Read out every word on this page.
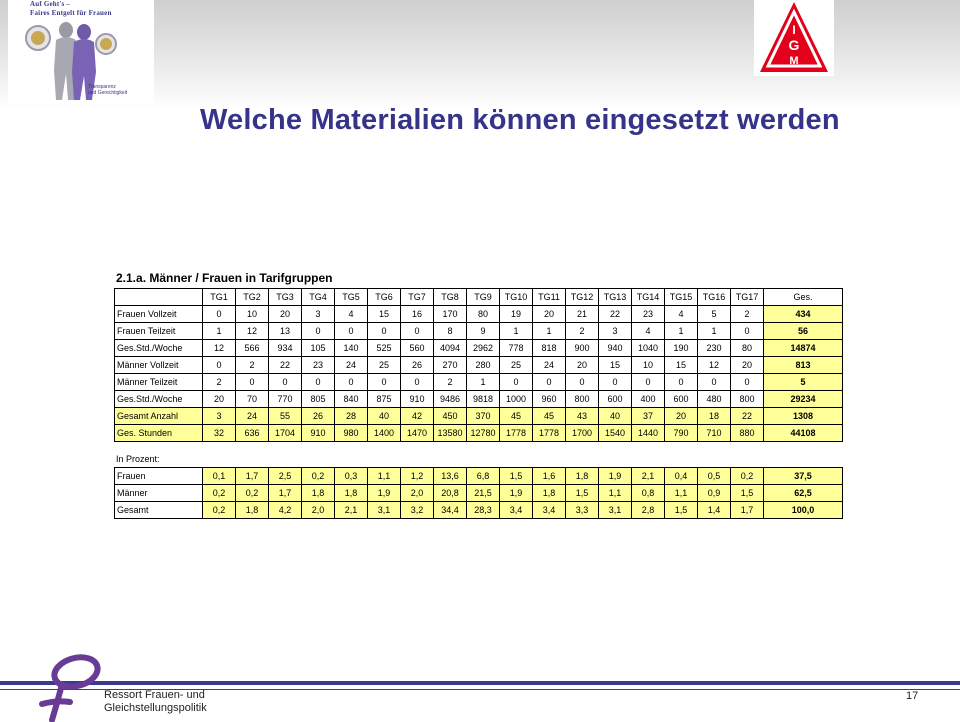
Auf Geht's –
Faires Entgelt für Frauen
Transparenz
und Gerechtigkeit
I
G
M
Welche Materialien können eingesetzt werden
2.1.a. Männer / Frauen in Tarifgruppen
	TG1	TG2	TG3	TG4	TG5	TG6	TG7	TG8	TG9	TG10	TG11	TG12	TG13	TG14	TG15	TG16	TG17	Ges.
Frauen Vollzeit	0	10	20	3	4	15	16	170	80	19	20	21	22	23	4	5	2	434
Frauen Teilzeit	1	12	13	0	0	0	0	8	9	1	1	2	3	4	1	1	0	56
Ges.Std./Woche	12	566	934	105	140	525	560	4094	2962	778	818	900	940	1040	190	230	80	14874
Männer Vollzeit	0	2	22	23	24	25	26	270	280	25	24	20	15	10	15	12	20	813
Männer Teilzeit	2	0	0	0	0	0	0	2	1	0	0	0	0	0	0	0	0	5
Ges.Std./Woche	20	70	770	805	840	875	910	9486	9818	1000	960	800	600	400	600	480	800	29234
Gesamt Anzahl	3	24	55	26	28	40	42	450	370	45	45	43	40	37	20	18	22	1308
Ges. Stunden	32	636	1704	910	980	1400	1470	13580	12780	1778	1778	1700	1540	1440	790	710	880	44108
In Prozent:
Frauen	0,1	1,7	2,5	0,2	0,3	1,1	1,2	13,6	6,8	1,5	1,6	1,8	1,9	2,1	0,4	0,5	0,2	37,5
Männer	0,2	0,2	1,7	1,8	1,8	1,9	2,0	20,8	21,5	1,9	1,8	1,5	1,1	0,8	1,1	0,9	1,5	62,5
Gesamt	0,2	1,8	4,2	2,0	2,1	3,1	3,2	34,4	28,3	3,4	3,4	3,3	3,1	2,8	1,5	1,4	1,7	100,0
Ressort Frauen- und
Gleichstellungspolitik
17
